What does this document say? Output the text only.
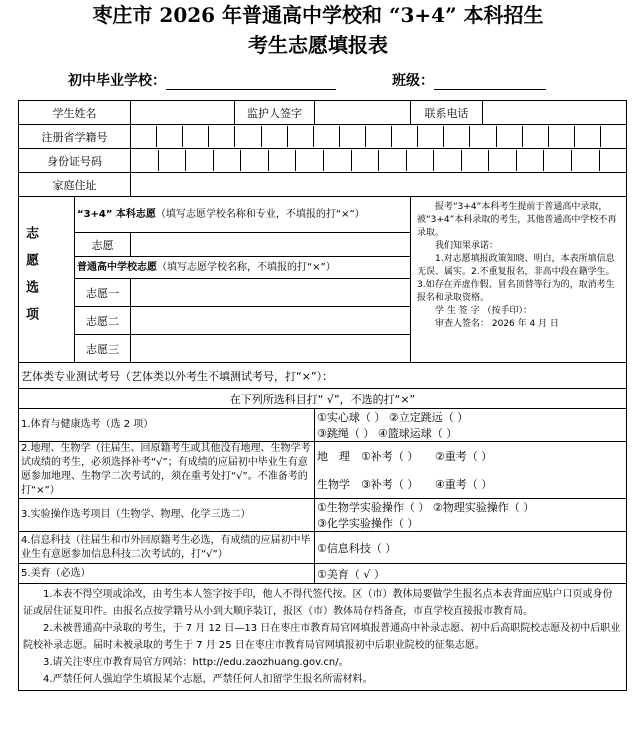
枣庄市 2026 年普通高中学校和 “3+4” 本科招生
考生志愿填报表
初中毕业学校：	班级：
学生姓名			监护人签字		联系电话	
注册省学籍号						

身份证号码						

家庭住址						

志愿选项	“3+4” 本科志愿（填写志愿学校名称和专业，不填报的打“×”）				报考“3+4”本科考生提前于普通高中录取，被“3+4”本科录取的考生，其他普通高中学校不再录取。
我们知果承诺：
1.对志愿填报政策知晓、明白，本表所填信息无误、属实。2.不重复报名，非高中段在籍学生。3.如存在弄虚作假、冒名顶替等行为的，取消考生报名和录取资格。
学 生 签 字 （按手印）：
审查人签名： 2026 年 4 月 日	

	志愿					
	普通高中学校志愿（填写志愿学校名称，不填报的打“×”）					
	志愿一					
	志愿二					
	志愿三					

艺体类专业测试考号（艺体类以外考生不填测试考号，打“×”）：						
在下列所选科目打“ √”，不选的打“×”						
1.体育与健康选考（选 2 项）				①实心球（ ） ②立定跳远（ ）
③跳绳（ ） ④篮球运球（ ）		

2.地理、生物学（往届生、回原籍考生或其他没有地理、生物学考试成绩的考生，必须选择补考“√”；有成绩的应届初中毕业生有意愿参加地理、生物学二次考试的，须在重考处打“√”。不准备考的打“×”）				地　理　①补考（ ）　　②重考（ ）
生物学　③补考（ ）　　④重考（ ）		

3.实验操作选考项目（生物学、物理、化学三选二）				①生物学实验操作（ ） ②物理实验操作（ ）
③化学实验操作（ ）		

4.信息科技（往届生和市外回原籍考生必选，有成绩的应届初中毕业生有意愿参加信息科技二次考试的，打“√”）				①信息科技（ ）		
5.美育（必选）				①美育（ √ ）		

1.本表不得空项或涂改，由考生本人签字按手印，他人不得代签代按。区（市）教体局要做学生报名点本表背面应贴户口页或身份证或居住证复印件。由报名点按学籍号从小到大顺序装订，报区（市）教体局存档备查，市直学校直接报市教育局。

2.未被普通高中录取的考生，于 7 月 12 日—13 日在枣庄市教育局官网填报普通高中补录志愿、初中后高职院校志愿及初中后职业院校补录志愿。届时未被录取的考生于 7 月 25 日在枣庄市教育局官网填报初中后职业院校的征集志愿。

3.请关注枣庄市教育局官方网站：http://edu.zaozhuang.gov.cn/。

4.严禁任何人强迫学生填报某个志愿，严禁任何人扣留学生报名所需材料。						
